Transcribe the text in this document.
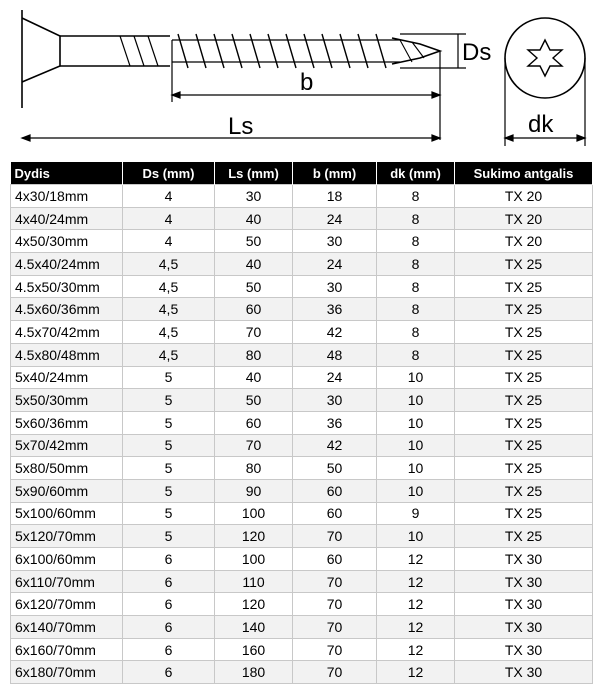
Ds
b
Ls	dk
Dydis	Ds (mm)	Ls (mm)	b (mm)	dk (mm)	Sukimo antgalis
4x30/18mm	4	30	18	8	TX 20
4x40/24mm	4	40	24	8	TX 20
4x50/30mm	4	50	30	8	TX 20
4.5x40/24mm	4,5	40	24	8	TX 25
4.5x50/30mm	4,5	50	30	8	TX 25
4.5x60/36mm	4,5	60	36	8	TX 25
4.5x70/42mm	4,5	70	42	8	TX 25
4.5x80/48mm	4,5	80	48	8	TX 25
5x40/24mm	5	40	24	10	TX 25
5x50/30mm	5	50	30	10	TX 25
5x60/36mm	5	60	36	10	TX 25
5x70/42mm	5	70	42	10	TX 25
5x80/50mm	5	80	50	10	TX 25
5x90/60mm	5	90	60	10	TX 25
5x100/60mm	5	100	60	9	TX 25
5x120/70mm	5	120	70	10	TX 25
6x100/60mm	6	100	60	12	TX 30
6x110/70mm	6	110	70	12	TX 30
6x120/70mm	6	120	70	12	TX 30
6x140/70mm	6	140	70	12	TX 30
6x160/70mm	6	160	70	12	TX 30
6x180/70mm	6	180	70	12	TX 30
